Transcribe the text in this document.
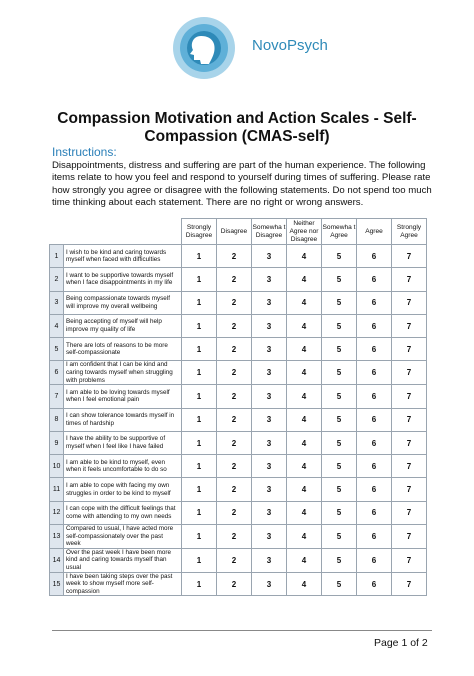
NovoPsych
Compassion Motivation and Action Scales - Self-Compassion (CMAS-self)
Instructions:
Disappointments, distress and suffering are part of the human experience. The following items relate to how you feel and respond to yourself during times of suffering. Please rate how strongly you agree or disagree with the following statements. Do not spend too much time thinking about each statement. There are no right or wrong answers.
		Strongly Disagree	Disagree	Somewha t Disagree	Neither Agree nor Disagree	Somewha t Agree	Agree	Strongly Agree
1	I wish to be kind and caring towards myself when faced with difficulties	1	2	3	4	5	6	7
2	I want to be supportive towards myself when I face disappointments in my life	1	2	3	4	5	6	7
3	Being compassionate towards myself will improve my overall wellbeing	1	2	3	4	5	6	7
4	Being accepting of myself will help improve my quality of life	1	2	3	4	5	6	7
5	There are lots of reasons to be more self-compassionate	1	2	3	4	5	6	7
6	I am confident that I can be kind and caring towards myself when struggling with problems	1	2	3	4	5	6	7
7	I am able to be loving towards myself when I feel emotional pain	1	2	3	4	5	6	7
8	I can show tolerance towards myself in times of hardship	1	2	3	4	5	6	7
9	I have the ability to be supportive of myself when I feel like I have failed	1	2	3	4	5	6	7
10	I am able to be kind to myself, even when it feels uncomfortable to do so	1	2	3	4	5	6	7
11	I am able to cope with facing my own struggles in order to be kind to myself	1	2	3	4	5	6	7
12	I can cope with the difficult feelings that come with attending to my own needs	1	2	3	4	5	6	7
13	Compared to usual, I have acted more self-compassionately over the past week	1	2	3	4	5	6	7
14	Over the past week I have been more kind and caring towards myself than usual	1	2	3	4	5	6	7
15	I have been taking steps over the past week to show myself more self-compassion	1	2	3	4	5	6	7
Page 1 of 2
